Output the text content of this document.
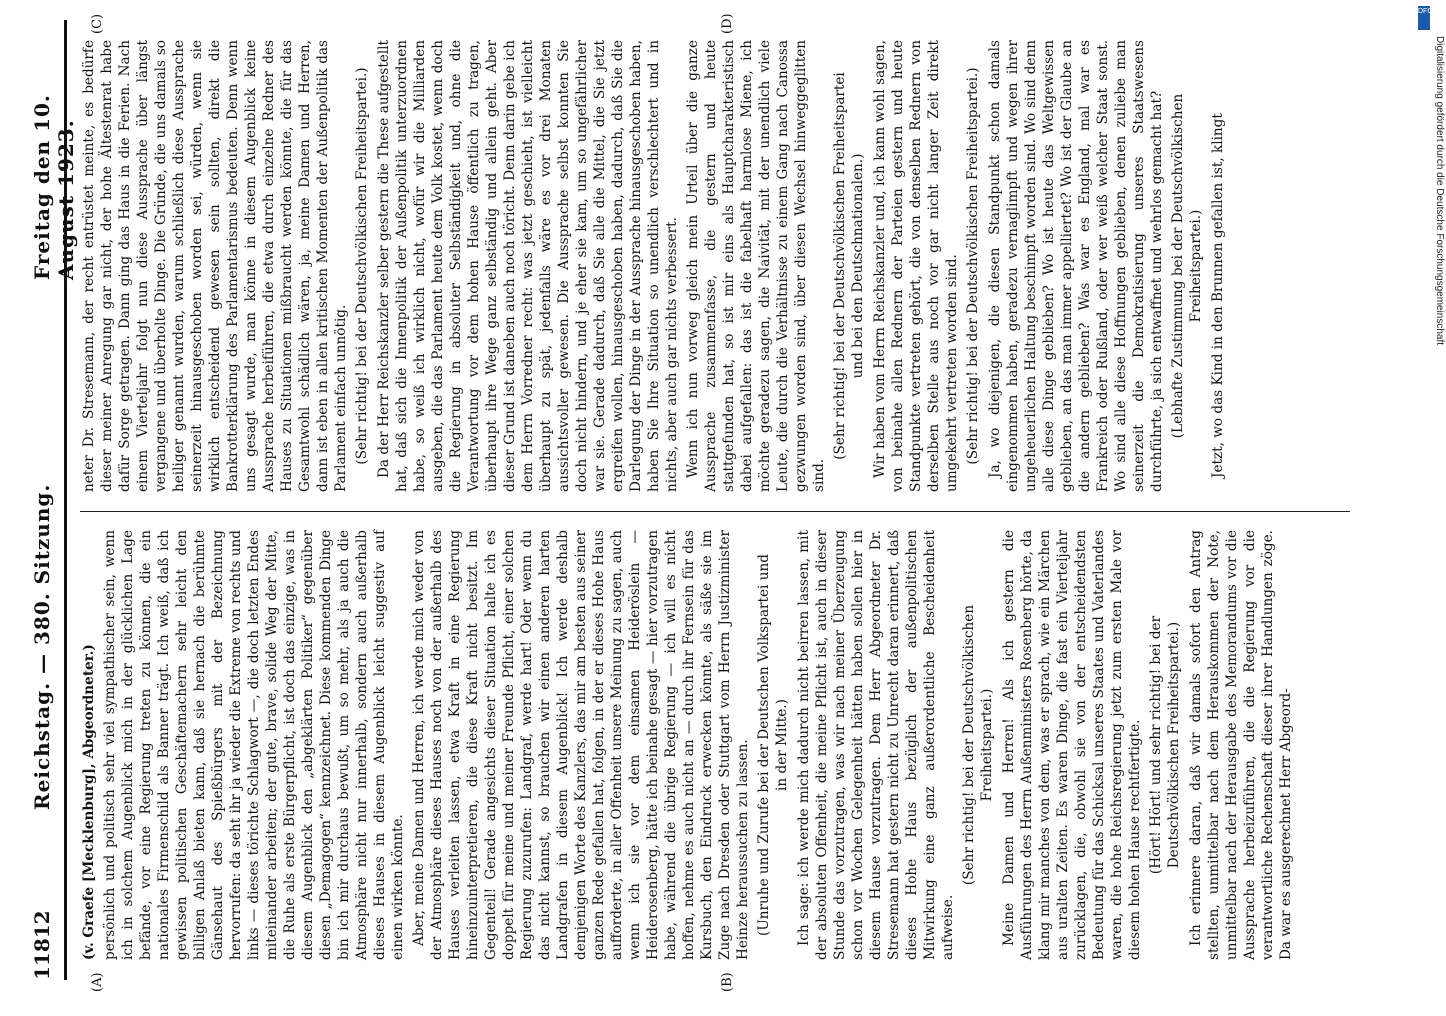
11812
Reichstag. — 380. Sitzung.
Freitag den 10. August 1923.
(A)	(B)
(C)	(D)

(v. Graefe [Mecklenburg], Abgeordneter.) persönlich und politisch sehr viel sympathischer sein, wenn ich in solchem Augenblick mich in der glücklichen Lage befände, vor eine Regierung treten zu können, die ein nationales Firmenschild als Banner trägt. Ich weiß, daß ich gewissen politischen Geschäftemachern sehr leicht den billigen Anlaß bieten kann, daß sie hernach die berühmte Gänsehaut des Spießbürgers mit der Bezeichnung hervorrufen: da seht ihr ja wieder die Extreme von rechts und links — dieses törichte Schlagwort —, die doch letzten Endes miteinander arbeiten; der gute, brave, solide Weg der Mitte, die Ruhe als erste Bürgerpflicht, ist doch das einzige, was in diesem Augenblick den „abgeklärten Politiker“ gegenüber diesen „Demagogen“ kennzeichnet. Diese kommenden Dinge bin ich mir durchaus bewußt, um so mehr, als ja auch die Atmosphäre nicht nur innerhalb, sondern auch außerhalb dieses Hauses in diesem Augenblick leicht suggestiv auf einen wirken könnte. Aber, meine Damen und Herren, ich werde mich weder von der Atmosphäre dieses Hauses noch von der außerhalb des Hauses verleiten lassen, etwa Kraft in eine Regierung hineinzuinterpretieren, die diese Kraft nicht besitzt. Im Gegenteil! Gerade angesichts dieser Situation halte ich es doppelt für meine und meiner Freunde Pflicht, einer solchen Regierung zuzurufen: Landgraf, werde hart! Oder wenn du das nicht kannst, so brauchen wir einen anderen harten Landgrafen in diesem Augenblick! Ich werde deshalb demjenigen Worte des Kanzlers, das mir am besten aus seiner ganzen Rede gefallen hat, folgen, in der er dieses Hohe Haus aufforderte, in aller Offenheit unsere Meinung zu sagen, auch wenn ich sie vor dem einsamen Heideröslein — Heiderosenberg, hätte ich beinahe gesagt — hier vorzutragen habe, während die übrige Regierung — ich will es nicht hoffen, nehme es auch nicht an — durch ihr Fernsein für das Kursbuch, den Eindruck erwecken könnte, als säße sie im Zuge nach Dresden oder Stuttgart vom Herrn Justizminister Heinze heraussuchen zu lassen. (Unruhe und Zurufe bei der Deutschen Volkspartei und in der Mitte.) Ich sage: ich werde mich dadurch nicht beirren lassen, mit der absoluten Offenheit, die meine Pflicht ist, auch in dieser Stunde das vorzutragen, was wir nach meiner Überzeugung schon vor Wochen Gelegenheit hätten haben sollen hier in diesem Hause vorzutragen. Dem Herr Abgeordneter Dr. Stresemann hat gestern nicht zu Unrecht daran erinnert, daß dieses Hohe Haus bezüglich der außenpolitischen Mitwirkung eine ganz außerordentliche Bescheidenheit aufweise.

(Sehr richtig! bei der Deutschvölkischen Freiheitspartei.) Meine Damen und Herren! Als ich gestern die Ausführungen des Herrn Außenministers Rosenberg hörte, da klang mir manches von dem, was er sprach, wie ein Märchen aus uralten Zeiten. Es waren Dinge, die fast ein Vierteljahr zurücklagen, die, obwohl sie von der entscheidendsten Bedeutung für das Schicksal unseres Staates und Vaterlandes waren, die hohe Reichsregierung jetzt zum ersten Male vor diesem hohen Hause rechtfertigte. (Hört! Hört! und sehr richtig! bei der Deutschvölkischen Freiheitspartei.) Ich erinnere daran, daß wir damals sofort den Antrag stellten, unmittelbar nach dem Herauskommen der Note, unmittelbar nach der Herausgabe des Memorandums vor die Aussprache herbeizuführen, die die Regierung vor die verantwortliche Rechenschaft dieser ihrer Handlungen zöge. Da war es ausgerechnet Herr Abgeord-

neter Dr. Stresemann, der recht entrüstet meinte, es bedürfe dieser meiner Anregung gar nicht, der hohe Ältestenrat habe dafür Sorge getragen. Dann ging das Haus in die Ferien. Nach einem Vierteljahr folgt nun diese Aussprache über längst vergangene und überholte Dinge. Die Gründe, die uns damals so heiliger genannt wurden, warum schließlich diese Aussprache seinerzeit hinausgeschoben worden sei, würden, wenn sie wirklich entscheidend gewesen sein sollten, direkt die Bankrotterklärung des Parlamentarismus bedeuten. Denn wenn uns gesagt wurde, man könne in diesem Augenblick keine Aussprache herbeiführen, die etwa durch einzelne Redner des Hauses zu Situationen mißbraucht werden könnte, die für das Gesamtwohl schädlich wären, ja, meine Damen und Herren, dann ist eben in allen kritischen Momenten der Außenpolitik das Parlament einfach unnötig. (Sehr richtig! bei der Deutschvölkischen Freiheitspartei.) Da der Herr Reichskanzler selber gestern die These aufgestellt hat, daß sich die Innenpolitik der Außenpolitik unterzuordnen habe, so weiß ich wirklich nicht, wofür wir die Milliarden ausgeben, die das Parlament heute dem Volk kostet, wenn doch die Regierung in absoluter Selbständigkeit und, ohne die Verantwortung vor dem hohen Hause öffentlich zu tragen, überhaupt ihre Wege ganz selbständig und allein geht. Aber dieser Grund ist daneben auch noch töricht. Denn darin gebe ich dem Herrn Vorredner recht: was jetzt geschieht, ist vielleicht überhaupt zu spät, jedenfalls wäre es vor drei Monaten aussichtsvoller gewesen. Die Aussprache selbst konnten Sie doch nicht hindern, und je eher sie kam, um so ungefährlicher war sie. Gerade dadurch, daß Sie alle die Mittel, die Sie jetzt ergreifen wollen, hinausgeschoben haben, dadurch, daß Sie die Darlegung der Dinge in der Aussprache hinausgeschoben haben, haben Sie Ihre Situation so unendlich verschlechtert und in nichts, aber auch gar nichts verbessert. Wenn ich nun vorweg gleich mein Urteil über die ganze Aussprache zusammenfasse, die gestern und heute stattgefunden hat, so ist mir eins als Hauptcharakteristisch dabei aufgefallen: das ist die fabelhaft harmlose Miene, ich möchte geradezu sagen, die Naivität, mit der unendlich viele Leute, die durch die Verhältnisse zu einem Gang nach Canossa gezwungen worden sind, über diesen Wechsel hinweggeglitten sind.

(Sehr richtig! bei der Deutschvölkischen Freiheitspartei und bei den Deutschnationalen.) Wir haben vom Herrn Reichskanzler und, ich kann wohl sagen, von beinahe allen Rednern der Parteien gestern und heute Standpunkte vertreten gehört, die von denselben Rednern von derselben Stelle aus noch vor gar nicht langer Zeit direkt umgekehrt vertreten worden sind. (Sehr richtig! bei der Deutschvölkischen Freiheitspartei.) Ja, wo diejenigen, die diesen Standpunkt schon damals eingenommen haben, geradezu vernaglimpft und wegen ihrer ungeheuerlichen Haltung beschimpft worden sind. Wo sind denn alle diese Dinge geblieben? Wo ist heute das Weltgewissen geblieben, an das man immer appelliertet? Wo ist der Glaube an die andern geblieben? Was war es England, mal war es Frankreich oder Rußland, oder wer weiß welcher Staat sonst. Wo sind alle diese Hoffnungen geblieben, denen zuliebe man seinerzeit die Demokratisierung unseres Staatswesens durchführte, ja sich entwaffnet und wehrlos gemacht hat? (Lebhafte Zustimmung bei der Deutschvölkischen Freiheitspartei.) Jetzt, wo das Kind in den Brunnen gefallen ist, klingt

DFG
Digitalisierung gefördert durch die Deutsche Forschungsgemeinschaft
